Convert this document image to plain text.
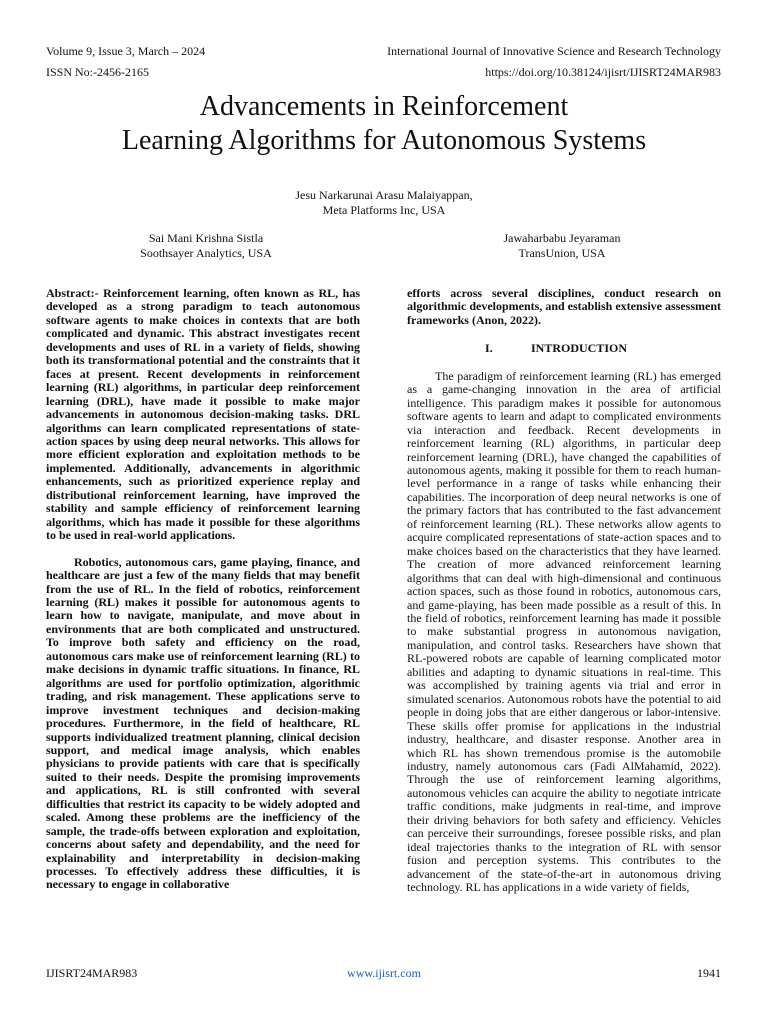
Volume 9, Issue 3, March – 2024
ISSN No:-2456-2165
International Journal of Innovative Science and Research Technology
https://doi.org/10.38124/ijisrt/IJISRT24MAR983
Advancements in Reinforcement
Learning Algorithms for Autonomous Systems
Jesu Narkarunai Arasu Malaiyappan,
Meta Platforms Inc, USA
Sai Mani Krishna Sistla
Soothsayer Analytics, USA
Jawaharbabu Jeyaraman
TransUnion, USA

Abstract:- Reinforcement learning, often known as RL, has developed as a strong paradigm to teach autonomous software agents to make choices in contexts that are both complicated and dynamic. This abstract investigates recent developments and uses of RL in a variety of fields, showing both its transformational potential and the constraints that it faces at present. Recent developments in reinforcement learning (RL) algorithms, in particular deep reinforcement learning (DRL), have made it possible to make major advancements in autonomous decision-making tasks. DRL algorithms can learn complicated representations of state-action spaces by using deep neural networks. This allows for more efficient exploration and exploitation methods to be implemented. Additionally, advancements in algorithmic enhancements, such as prioritized experience replay and distributional reinforcement learning, have improved the stability and sample efficiency of reinforcement learning algorithms, which has made it possible for these algorithms to be used in real-world applications.

Robotics, autonomous cars, game playing, finance, and healthcare are just a few of the many fields that may benefit from the use of RL. In the field of robotics, reinforcement learning (RL) makes it possible for autonomous agents to learn how to navigate, manipulate, and move about in environments that are both complicated and unstructured. To improve both safety and efficiency on the road, autonomous cars make use of reinforcement learning (RL) to make decisions in dynamic traffic situations. In finance, RL algorithms are used for portfolio optimization, algorithmic trading, and risk management. These applications serve to improve investment techniques and decision-making procedures. Furthermore, in the field of healthcare, RL supports individualized treatment planning, clinical decision support, and medical image analysis, which enables physicians to provide patients with care that is specifically suited to their needs. Despite the promising improvements and applications, RL is still confronted with several difficulties that restrict its capacity to be widely adopted and scaled. Among these problems are the inefficiency of the sample, the trade-offs between exploration and exploitation, concerns about safety and dependability, and the need for explainability and interpretability in decision-making processes. To effectively address these difficulties, it is necessary to engage in collaborative

efforts across several disciplines, conduct research on algorithmic developments, and establish extensive assessment frameworks (Anon, 2022).

I.	INTRODUCTION

The paradigm of reinforcement learning (RL) has emerged as a game-changing innovation in the area of artificial intelligence. This paradigm makes it possible for autonomous software agents to learn and adapt to complicated environments via interaction and feedback. Recent developments in reinforcement learning (RL) algorithms, in particular deep reinforcement learning (DRL), have changed the capabilities of autonomous agents, making it possible for them to reach human-level performance in a range of tasks while enhancing their capabilities. The incorporation of deep neural networks is one of the primary factors that has contributed to the fast advancement of reinforcement learning (RL). These networks allow agents to acquire complicated representations of state-action spaces and to make choices based on the characteristics that they have learned. The creation of more advanced reinforcement learning algorithms that can deal with high-dimensional and continuous action spaces, such as those found in robotics, autonomous cars, and game-playing, has been made possible as a result of this. In the field of robotics, reinforcement learning has made it possible to make substantial progress in autonomous navigation, manipulation, and control tasks. Researchers have shown that RL-powered robots are capable of learning complicated motor abilities and adapting to dynamic situations in real-time. This was accomplished by training agents via trial and error in simulated scenarios. Autonomous robots have the potential to aid people in doing jobs that are either dangerous or labor-intensive. These skills offer promise for applications in the industrial industry, healthcare, and disaster response. Another area in which RL has shown tremendous promise is the automobile industry, namely autonomous cars (Fadi AlMahamid, 2022). Through the use of reinforcement learning algorithms, autonomous vehicles can acquire the ability to negotiate intricate traffic conditions, make judgments in real-time, and improve their driving behaviors for both safety and efficiency. Vehicles can perceive their surroundings, foresee possible risks, and plan ideal trajectories thanks to the integration of RL with sensor fusion and perception systems. This contributes to the advancement of the state-of-the-art in autonomous driving technology. RL has applications in a wide variety of fields,

IJISRT24MAR983	www.ijisrt.com	1941
